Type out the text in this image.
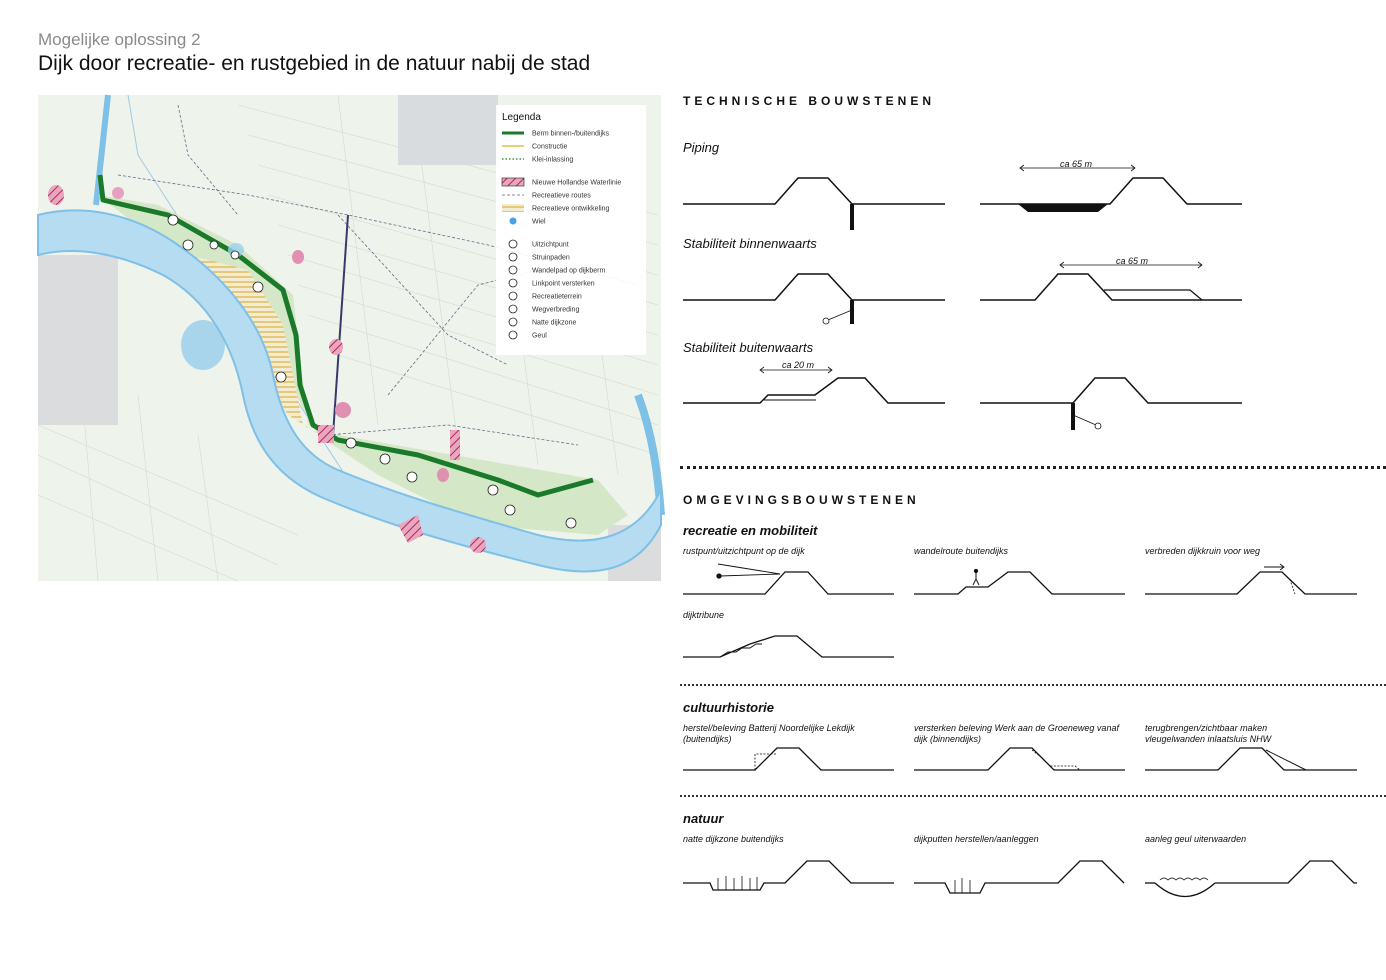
Mogelijke oplossing 2
Dijk door recreatie- en rustgebied in de natuur nabij de stad
Legenda
Berm binnen-/buitendijks
Constructie
Klei-inlassing
Nieuwe Hollandse Waterlinie
Recreatieve routes
Recreatieve ontwikkeling
Wiel
Uitzichtpunt
Struinpaden
Wandelpad op dijkberm
Linkpoint versterken
Recreatieterrein
Wegverbreding
Natte dijkzone
Geul
TECHNISCHE BOUWSTENEN
Piping
Stabiliteit binnenwaarts
Stabiliteit buitenwaarts
ca 65 m
ca 65 m
ca 20 m
OMGEVINGSBOUWSTENEN
recreatie en mobiliteit
rustpunt/uitzichtpunt op de dijk	wandelroute buitendijks	verbreden dijkkruin voor weg
dijktribune
cultuurhistorie
herstel/beleving Batterij Noordelijke Lekdijk (buitendijks)
versterken beleving Werk aan de Groeneweg vanaf dijk (binnendijks)
terugbrengen/zichtbaar maken vleugelwanden inlaatsluis NHW
natuur
natte dijkzone buitendijks	dijkputten herstellen/aanleggen	aanleg geul uiterwaarden
